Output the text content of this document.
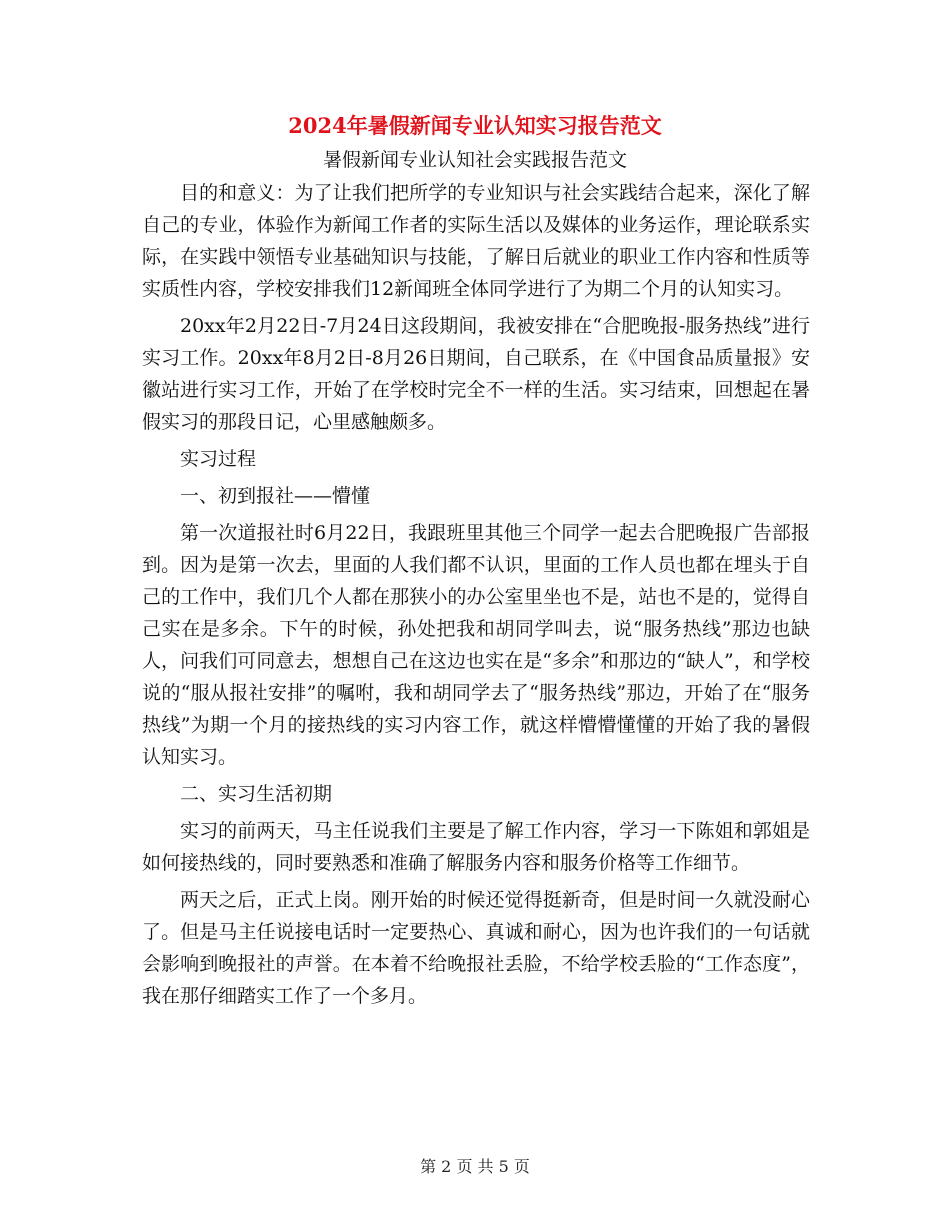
2024年暑假新闻专业认知实习报告范文
暑假新闻专业认知社会实践报告范文

目的和意义：为了让我们把所学的专业知识与社会实践结合起来，深化了解自己的专业，体验作为新闻工作者的实际生活以及媒体的业务运作，理论联系实际，在实践中领悟专业基础知识与技能，了解日后就业的职业工作内容和性质等实质性内容，学校安排我们12新闻班全体同学进行了为期二个月的认知实习。

20xx年2月22日-7月24日这段期间，我被安排在“合肥晚报-服务热线”进行实习工作。20xx年8月2日-8月26日期间，自己联系，在《中国食品质量报》安徽站进行实习工作，开始了在学校时完全不一样的生活。实习结束，回想起在暑假实习的那段日记，心里感触颇多。

实习过程

一、初到报社——懵懂

第一次道报社时6月22日，我跟班里其他三个同学一起去合肥晚报广告部报到。因为是第一次去，里面的人我们都不认识，里面的工作人员也都在埋头于自己的工作中，我们几个人都在那狭小的办公室里坐也不是，站也不是的，觉得自己实在是多余。下午的时候，孙处把我和胡同学叫去，说“服务热线”那边也缺人，问我们可同意去，想想自己在这边也实在是“多余”和那边的“缺人”，和学校说的“服从报社安排”的嘱咐，我和胡同学去了“服务热线”那边，开始了在“服务热线”为期一个月的接热线的实习内容工作，就这样懵懵懂懂的开始了我的暑假认知实习。

二、实习生活初期

实习的前两天，马主任说我们主要是了解工作内容，学习一下陈姐和郭姐是如何接热线的，同时要熟悉和准确了解服务内容和服务价格等工作细节。

两天之后，正式上岗。刚开始的时候还觉得挺新奇，但是时间一久就没耐心了。但是马主任说接电话时一定要热心、真诚和耐心，因为也许我们的一句话就会影响到晚报社的声誉。在本着不给晚报社丢脸，不给学校丢脸的“工作态度”，我在那仔细踏实工作了一个多月。

第 2 页 共 5 页
